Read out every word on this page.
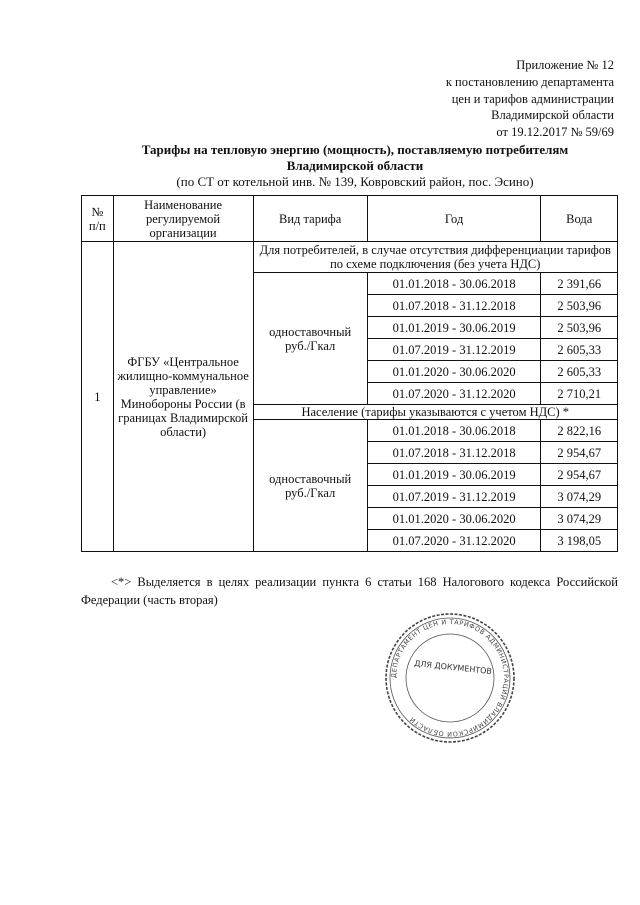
Приложение № 12
к постановлению департамента
цен и тарифов администрации
Владимирской области
от 19.12.2017 № 59/69
Тарифы на тепловую энергию (мощность), поставляемую потребителям
Владимирской области
(по СТ от котельной инв. № 139, Ковровский район, пос. Эсино)
№ п/п	Наименование регулируемой организации	Вид тарифа	Год	Вода
1	ФГБУ «Центральное жилищно-коммунальное управление» Минобороны России (в границах Владимирской области)	Для потребителей, в случае отсутствия дифференциации тарифов по схеме подключения (без учета НДС)		
		одноставочный руб./Гкал	01.01.2018 - 30.06.2018	2 391,66
			01.07.2018 - 31.12.2018	2 503,96
			01.01.2019 - 30.06.2019	2 503,96
			01.07.2019 - 31.12.2019	2 605,33
			01.01.2020 - 30.06.2020	2 605,33
			01.07.2020 - 31.12.2020	2 710,21
		Население (тарифы указываются с учетом НДС) *		
		одноставочный руб./Гкал	01.01.2018 - 30.06.2018	2 822,16
			01.07.2018 - 31.12.2018	2 954,67
			01.01.2019 - 30.06.2019	2 954,67
			01.07.2019 - 31.12.2019	3 074,29
			01.01.2020 - 30.06.2020	3 074,29
			01.07.2020 - 31.12.2020	3 198,05
<*> Выделяется в целях реализации пункта 6 статьи 168 Налогового кодекса Российской Федерации (часть вторая)
ДЕПАРТАМЕНТ ЦЕН И ТАРИФОВ АДМИНИСТРАЦИИ ВЛАДИМИРСКОЙ ОБЛАСТИ
ДЛЯ ДОКУМЕНТОВ
